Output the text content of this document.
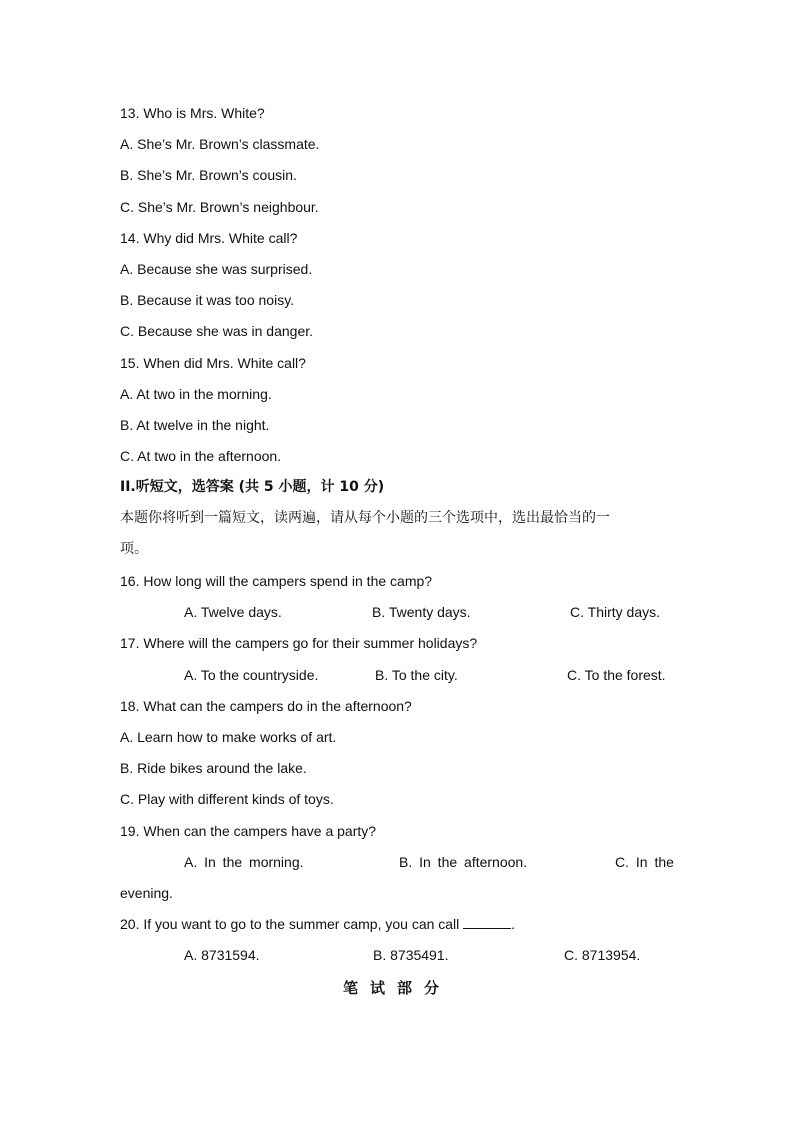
13. Who is Mrs. White?
A. She’s Mr. Brown’s classmate.
B. She’s Mr. Brown’s cousin.
C. She’s Mr. Brown’s neighbour.
14. Why did Mrs. White call?
A. Because she was surprised.
B. Because it was too noisy.
C. Because she was in danger.
15. When did Mrs. White call?
A. At two in the morning.
B. At twelve in the night.
C. At two in the afternoon.
II.听短文，选答案 (共 5 小题，计 10 分)
本题你将听到一篇短文，读两遍，请从每个小题的三个选项中，选出最恰当的一
项。
16. How long will the campers spend in the camp?
A. Twelve days.	B. Twenty days.	C. Thirty days.
17. Where will the campers go for their summer holidays?
A. To the countryside.	B. To the city.	C. To the forest.
18. What can the campers do in the afternoon?
A. Learn how to make works of art.
B. Ride bikes around the lake.
C. Play with different kinds of toys.
19. When can the campers have a party?
A. In the morning.	B. In the afternoon.	C. In the
evening.
20. If you want to go to the summer camp, you can call	.
A. 8731594.	B. 8735491.	C. 8713954.
笔试部分
